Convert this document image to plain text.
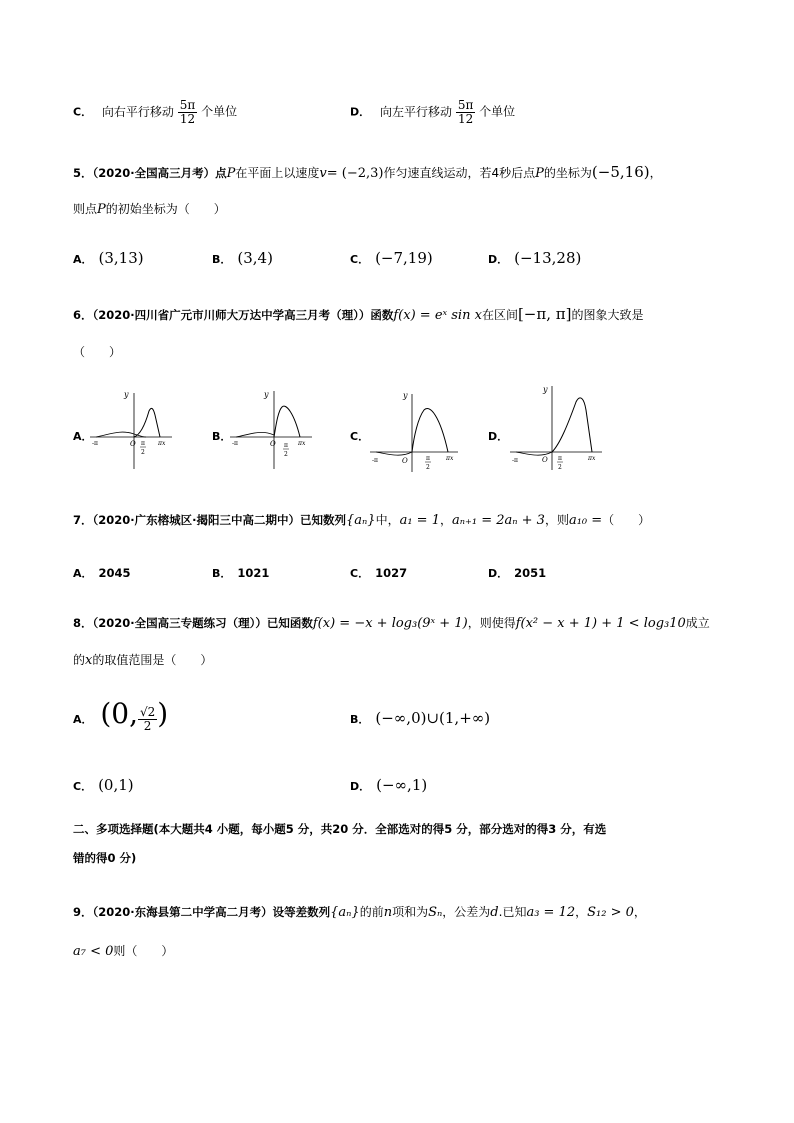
C． 向右平行移动 $\frac{5\pi}{12}$ 个单位	D． 向左平行移动 $\frac{5\pi}{12}$ 个单位
5．（2020·全国高三月考）点P在平面上以速度v= (−2,3)作匀速直线运动，若4秒后点P的坐标为(−5,16)，
则点P的初始坐标为（　　）
A． (3,13)	B． (3,4)	C． (−7,19)	D． (−13,28)
6．（2020·四川省广元市川师大万达中学高三月考（理））函数f(x) = eˣ sin x在区间[−π, π]的图象大致是
（　　）
A．	B．	C．	D．
y
-π	O π
2
πx
y
-π	O π
2
πx
y
-π	O	π
2
πx
y
-π	O π
2
πx
7．（2020·广东榕城区·揭阳三中高二期中）已知数列{aₙ}中，a₁ = 1，aₙ₊₁ = 2aₙ + 3，则a₁₀ =（　　）
A． 2045	B． 1021	C． 1027	D． 2051
8．（2020·全国高三专题练习（理））已知函数f(x) = −x + log₃(9ˣ + 1)，则使得f(x² − x + 1) + 1 < log₃10成立
的x的取值范围是（　　）
A． (0, $\frac{√2}{2}$ )	B． (−∞,0)∪(1,+∞)
C． (0,1)	D． (−∞,1)
二、多项选择题(本大题共4 小题，每小题5 分，共20 分．全部选对的得5 分，部分选对的得3 分，有选
错的得0 分)
9．（2020·东海县第二中学高二月考）设等差数列{aₙ}的前n项和为Sₙ，公差为d.已知a₃ = 12，S₁₂ > 0，
a₇ < 0则（　　）
